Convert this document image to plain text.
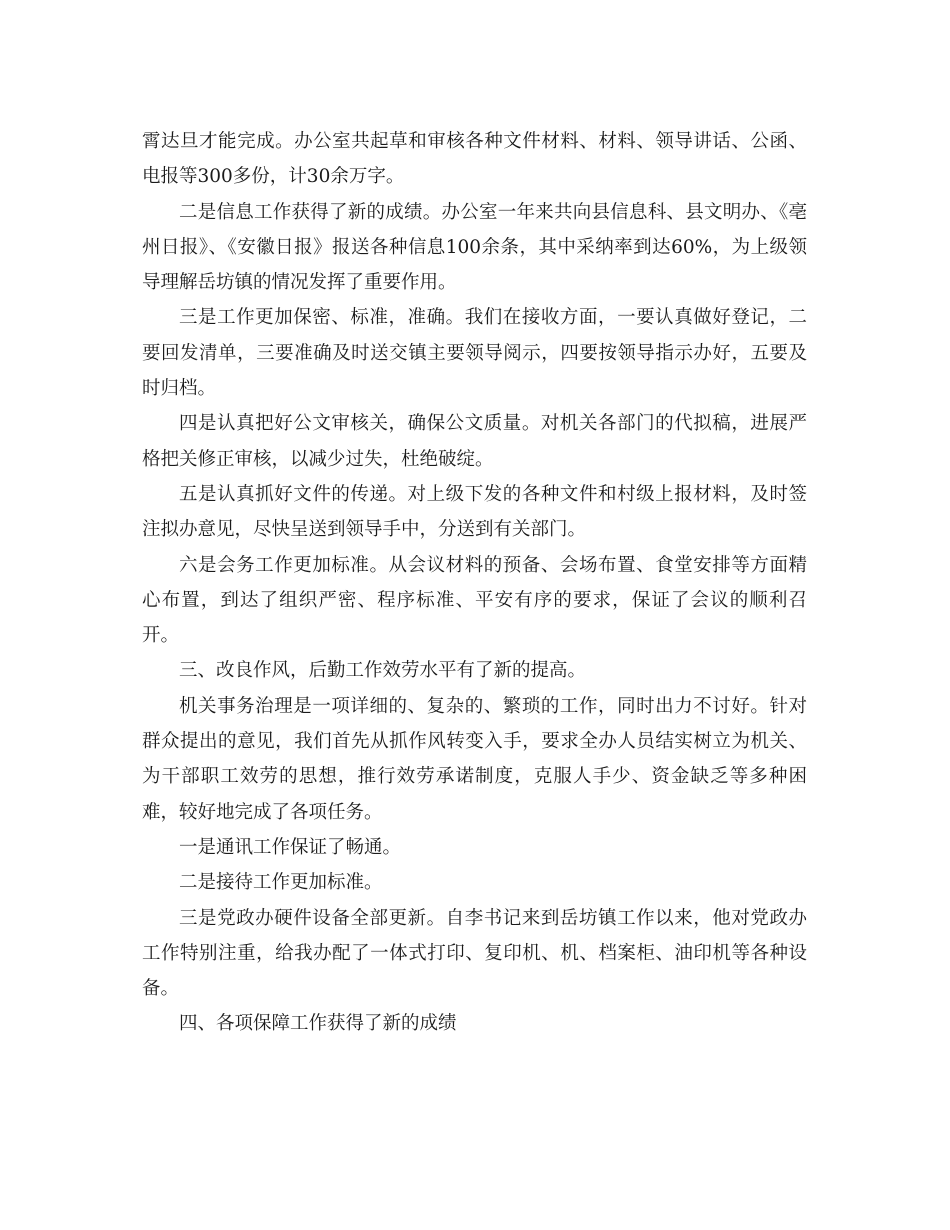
霄达旦才能完成。办公室共起草和审核各种文件材料、材料、领导讲话、公函、电报等300多份，计30余万字。

二是信息工作获得了新的成绩。办公室一年来共向县信息科、县文明办、《亳州日报》、《安徽日报》报送各种信息100余条，其中采纳率到达60%，为上级领导理解岳坊镇的情况发挥了重要作用。

三是工作更加保密、标准，准确。我们在接收方面，一要认真做好登记，二要回发清单，三要准确及时送交镇主要领导阅示，四要按领导指示办好，五要及时归档。

四是认真把好公文审核关，确保公文质量。对机关各部门的代拟稿，进展严格把关修正审核，以减少过失，杜绝破绽。

五是认真抓好文件的传递。对上级下发的各种文件和村级上报材料，及时签注拟办意见，尽快呈送到领导手中，分送到有关部门。

六是会务工作更加标准。从会议材料的预备、会场布置、食堂安排等方面精心布置，到达了组织严密、程序标准、平安有序的要求，保证了会议的顺利召开。

三、改良作风，后勤工作效劳水平有了新的提高。

机关事务治理是一项详细的、复杂的、繁琐的工作，同时出力不讨好。针对群众提出的意见，我们首先从抓作风转变入手，要求全办人员结实树立为机关、为干部职工效劳的思想，推行效劳承诺制度，克服人手少、资金缺乏等多种困难，较好地完成了各项任务。

一是通讯工作保证了畅通。

二是接待工作更加标准。

三是党政办硬件设备全部更新。自李书记来到岳坊镇工作以来，他对党政办工作特别注重，给我办配了一体式打印、复印机、机、档案柜、油印机等各种设备。

四、各项保障工作获得了新的成绩
